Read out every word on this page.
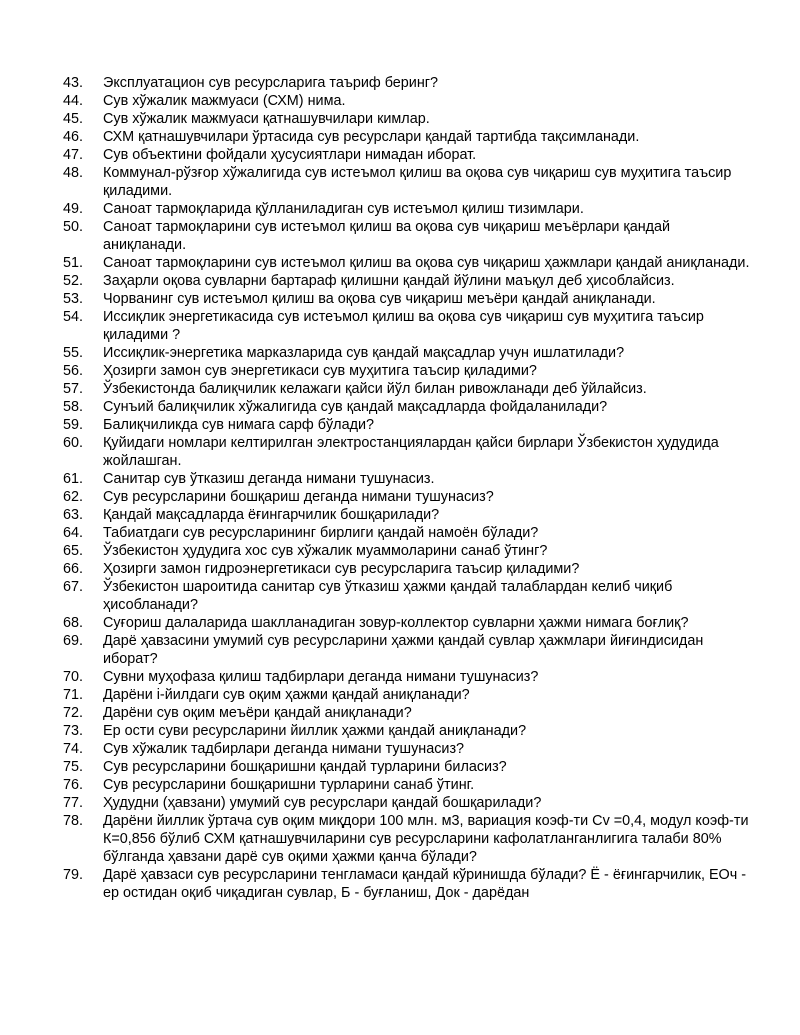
43.	Эксплуатацион сув ресурсларига таъриф беринг?
44.	Сув хўжалик мажмуаси (СХМ) нима.
45.	Сув хўжалик мажмуаси қатнашувчилари кимлар.
46.	СХМ қатнашувчилари ўртасида сув ресурслари қандай тартибда тақсимланади.
47.	Сув объектини фойдали ҳусусиятлари нимадан иборат.
48.	Коммунал-рўзғор хўжалигида сув истеъмол қилиш ва оқова сув чиқариш сув муҳитига таъсир қиладими.
49.	Саноат тармоқларида қўлланиладиган сув истеъмол қилиш тизимлари.
50.	Саноат тармоқларини сув истеъмол қилиш ва оқова сув чиқариш меъёрлари қандай аниқланади.
51.	Саноат тармоқларини сув истеъмол қилиш ва оқова сув чиқариш ҳажмлари қандай аниқланади.
52.	Заҳарли оқова сувларни бартараф қилишни қандай йўлини маъқул деб ҳисоблайсиз.
53.	Чорванинг сув истеъмол қилиш ва оқова сув чиқариш меъёри қандай аниқланади.
54.	Иссиқлик энергетикасида сув истеъмол қилиш ва оқова сув чиқариш сув муҳитига таъсир қиладими ?
55.	Иссиқлик-энергетика марказларида сув қандай мақсадлар учун ишлатилади?
56.	Ҳозирги замон сув энергетикаси сув муҳитига таъсир қиладими?
57.	Ўзбекистонда балиқчилик келажаги қайси йўл билан ривожланади деб ўйлайсиз.
58.	Сунъий балиқчилик хўжалигида сув қандай мақсадларда фойдаланилади?
59.	Балиқчиликда сув нимага сарф бўлади?
60.	Қуйидаги номлари келтирилган электростанциялардан қайси бирлари Ўзбекистон ҳудудида жойлашган.
61.	Санитар сув ўтказиш деганда нимани тушунасиз.
62.	Сув ресурсларини бошқариш деганда нимани тушунасиз?
63.	Қандай мақсадларда ёғингарчилик бошқарилади?
64.	Табиатдаги сув ресурсларининг бирлиги қандай намоён бўлади?
65.	Ўзбекистон ҳудудига хос сув хўжалик муаммоларини санаб ўтинг?
66.	Ҳозирги замон гидроэнергетикаси сув ресурсларига таъсир қиладими?
67.	Ўзбекистон шароитида санитар сув ўтказиш ҳажми қандай талаблардан келиб чиқиб ҳисобланади?
68.	Суғориш далаларида шаклланадиган зовур-коллектор сувларни ҳажми нимага боғлиқ?
69.	Дарё ҳавзасини умумий сув ресурсларини ҳажми қандай сувлар ҳажмлари йиғиндисидан иборат?
70.	Сувни муҳофаза қилиш тадбирлари деганда нимани тушунасиз?
71.	Дарёни i-йилдаги сув оқим ҳажми қандай аниқланади?
72.	Дарёни сув оқим меъёри қандай аниқланади?
73.	Ер ости суви ресурсларини йиллик ҳажми қандай аниқланади?
74.	Сув хўжалик тадбирлари деганда нимани тушунасиз?
75.	Сув ресурсларини бошқаришни қандай турларини биласиз?
76.	Сув ресурсларини бошқаришни турларини санаб ўтинг.
77.	Ҳудудни (ҳавзани) умумий сув ресурслари қандай бошқарилади?
78.	Дарёни йиллик ўртача сув оқим миқдори 100 млн. м3, вариация коэф-ти Cv =0,4, модул коэф-ти К=0,856 бўлиб СХМ қатнашувчиларини сув ресурсларини кафолатланганлигига талаби 80% бўлганда ҳавзани дарё сув оқими ҳажми қанча бўлади?
79.	Дарё ҳавзаси сув ресурсларини тенгламаси қандай кўринишда бўлади? Ё - ёғингарчилик, ЕОч - ер остидан оқиб чиқадиган сувлар, Б - буғланиш, Док - дарёдан
